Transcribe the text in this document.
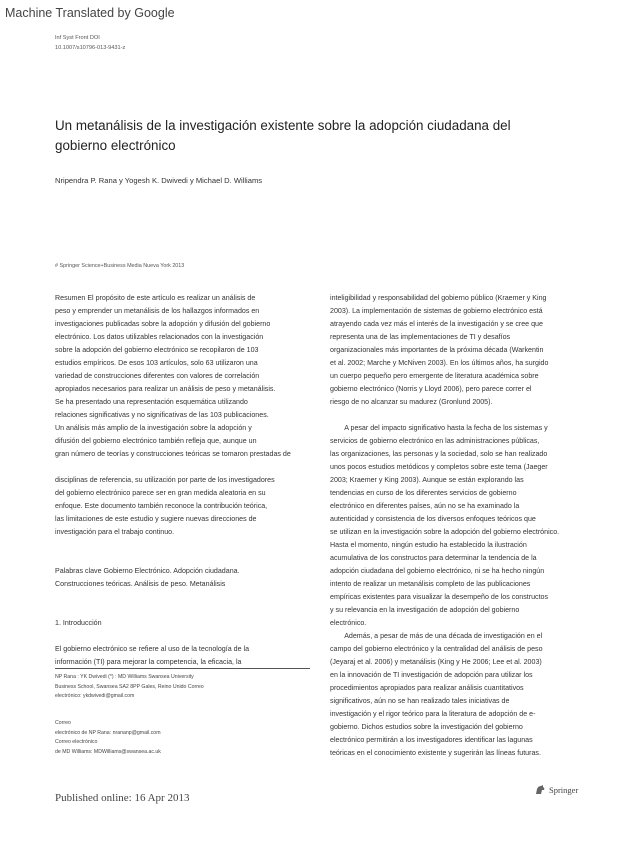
Machine Translated by Google
Inf Syst Front DOI
10.1007/s10796-013-9431-z
Un metanálisis de la investigación existente sobre la adopción ciudadana del gobierno electrónico
Nripendra P. Rana y Yogesh K. Dwivedi y Michael D. Williams
# Springer Science+Business Media Nueva York 2013

Resumen El propósito de este artículo es realizar un análisis de

peso y emprender un metanálisis de los hallazgos informados en

investigaciones publicadas sobre la adopción y difusión del gobierno

electrónico. Los datos utilizables relacionados con la investigación

sobre la adopción del gobierno electrónico se recopilaron de 103

estudios empíricos. De esos 103 artículos, solo 63 utilizaron una

variedad de construcciones diferentes con valores de correlación

apropiados necesarios para realizar un análisis de peso y metanálisis.

Se ha presentado una representación esquemática utilizando

relaciones significativas y no significativas de las 103 publicaciones.

Un análisis más amplio de la investigación sobre la adopción y

difusión del gobierno electrónico también refleja que, aunque un

gran número de teorías y construcciones teóricas se tomaron prestadas de

disciplinas de referencia, su utilización por parte de los investigadores

del gobierno electrónico parece ser en gran medida aleatoria en su

enfoque. Este documento también reconoce la contribución teórica,

las limitaciones de este estudio y sugiere nuevas direcciones de

investigación para el trabajo continuo.

Palabras clave Gobierno Electrónico. Adopción ciudadana.

Construcciones teóricas. Análisis de peso. Metanálisis

1. Introducción

El gobierno electrónico se refiere al uso de la tecnología de la

información (TI) para mejorar la competencia, la eficacia, la

inteligibilidad y responsabilidad del gobierno público (Kraemer y King

2003). La implementación de sistemas de gobierno electrónico está

atrayendo cada vez más el interés de la investigación y se cree que

representa una de las implementaciones de TI y desafíos

organizacionales más importantes de la próxima década (Warkentin

et al. 2002; Marche y McNiven 2003). En los últimos años, ha surgido

un cuerpo pequeño pero emergente de literatura académica sobre

gobierno electrónico (Norris y Lloyd 2006), pero parece correr el

riesgo de no alcanzar su madurez (Gronlund 2005).

  A pesar del impacto significativo hasta la fecha de los sistemas y

servicios de gobierno electrónico en las administraciones públicas,

las organizaciones, las personas y la sociedad, solo se han realizado

unos pocos estudios metódicos y completos sobre este tema (Jaeger

2003; Kraemer y King 2003). Aunque se están explorando las

tendencias en curso de los diferentes servicios de gobierno

electrónico en diferentes países, aún no se ha examinado la

autenticidad y consistencia de los diversos enfoques teóricos que

se utilizan en la investigación sobre la adopción del gobierno electrónico.

Hasta el momento, ningún estudio ha establecido la ilustración

acumulativa de los constructos para determinar la tendencia de la

adopción ciudadana del gobierno electrónico, ni se ha hecho ningún

intento de realizar un metanálisis completo de las publicaciones

empíricas existentes para visualizar la desempeño de los constructos

y su relevancia en la investigación de adopción del gobierno

electrónico.

  Además, a pesar de más de una década de investigación en el

campo del gobierno electrónico y la centralidad del análisis de peso

(Jeyaraj et al. 2006) y metanálisis (King y He 2006; Lee et al. 2003)

en la innovación de TI investigación de adopción para utilizar los

procedimientos apropiados para realizar análisis cuantitativos

significativos, aún no se han realizado tales iniciativas de

investigación y el rigor teórico para la literatura de adopción de e-

gobierno. Dichos estudios sobre la investigación del gobierno

electrónico permitirán a los investigadores identificar las lagunas

teóricas en el conocimiento existente y sugerirán las líneas futuras.

NP Rana : YK Dwivedi (*) : MD Williams Swansea University
Business School, Swansea SA2 8PP Gales, Reino Unido Correo
electrónico: ykdwivedi@gmail.com
Correo
electrónico de NP Rana: nrananp@gmail.com
Correo electrónico
de MD Williams: MDWilliams@swansea.ac.uk
Published online: 16 Apr 2013
Springer
